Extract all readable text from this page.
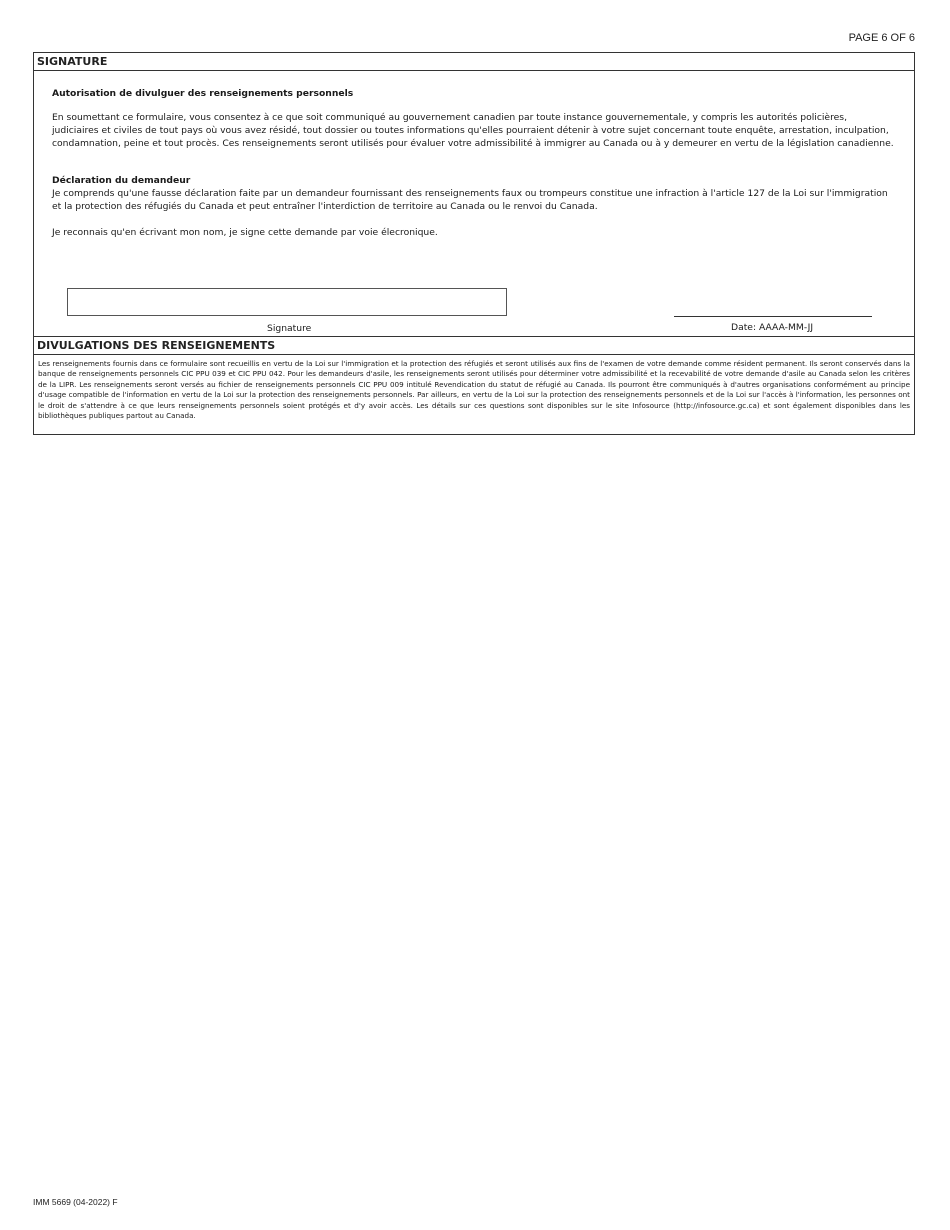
PAGE 6 OF 6
SIGNATURE

Autorisation de divulguer des renseignements personnels

En soumettant ce formulaire, vous consentez à ce que soit communiqué au gouvernement canadien par toute instance gouvernementale, y compris les autorités policières, judiciaires et civiles de tout pays où vous avez résidé, tout dossier ou toutes informations qu'elles pourraient détenir à votre sujet concernant toute enquête, arrestation, inculpation, condamnation, peine et tout procès. Ces renseignements seront utilisés pour évaluer votre admissibilité à immigrer au Canada ou à y demeurer en vertu de la législation canadienne.

Déclaration du demandeur

Je comprends qu'une fausse déclaration faite par un demandeur fournissant des renseignements faux ou trompeurs constitue une infraction à l'article 127 de la Loi sur l'immigration et la protection des réfugiés du Canada et peut entraîner l'interdiction de territoire au Canada ou le renvoi du Canada.

Je reconnais qu'en écrivant mon nom, je signe cette demande par voie élecronique.

Signature	Date: AAAA-MM-JJ
DIVULGATIONS DES RENSEIGNEMENTS
Les renseignements fournis dans ce formulaire sont recueillis en vertu de la Loi sur l'immigration et la protection des réfugiés et seront utilisés aux fins de l'examen de votre demande comme résident permanent. Ils seront conservés dans la banque de renseignements personnels CIC PPU 039 et CIC PPU 042. Pour les demandeurs d'asile, les renseignements seront utilisés pour déterminer votre admissibilité et la recevabilité de votre demande d'asile au Canada selon les critères de la LIPR. Les renseignements seront versés au fichier de renseignements personnels CIC PPU 009 intitulé Revendication du statut de réfugié au Canada. Ils pourront être communiqués à d'autres organisations conformément au principe d'usage compatible de l'information en vertu de la Loi sur la protection des renseignements personnels. Par ailleurs, en vertu de la Loi sur la protection des renseignements personnels et de la Loi sur l'accès à l'information, les personnes ont le droit de s'attendre à ce que leurs renseignements personnels soient protégés et d'y avoir accès. Les détails sur ces questions sont disponibles sur le site Infosource (http://infosource.gc.ca) et sont également disponibles dans les bibliothèques publiques partout au Canada.
IMM 5669 (04-2022) F
